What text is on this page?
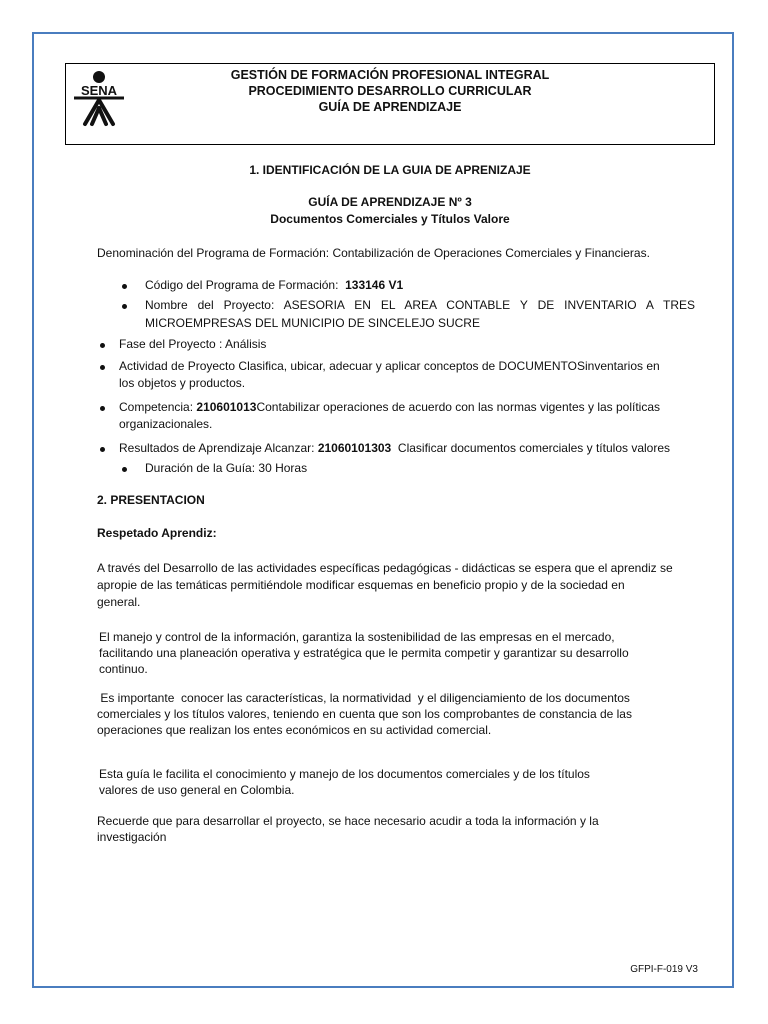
SENA
GESTIÓN DE FORMACIÓN PROFESIONAL INTEGRAL
PROCEDIMIENTO DESARROLLO CURRICULAR
GUÍA DE APRENDIZAJE
1. IDENTIFICACIÓN DE LA GUIA DE APRENIZAJE
GUÍA DE APRENDIZAJE Nº 3
Documentos Comerciales y Títulos Valore
Denominación del Programa de Formación: Contabilización de Operaciones Comerciales y Financieras.
Código del Programa de Formación: 133146 V1
Nombre del Proyecto: ASESORIA EN EL AREA CONTABLE Y DE INVENTARIO A TRES
MICROEMPRESAS DEL MUNICIPIO DE SINCELEJO SUCRE
Fase del Proyecto : Análisis
Actividad de Proyecto Clasifica, ubicar, adecuar y aplicar conceptos de DOCUMENTOSinventarios en
los objetos y productos.
Competencia: 210601013Contabilizar operaciones de acuerdo con las normas vigentes y las políticas
organizacionales.
Resultados de Aprendizaje Alcanzar: 21060101303 Clasificar documentos comerciales y títulos valores
Duración de la Guía: 30 Horas
2. PRESENTACION
Respetado Aprendiz:
A través del Desarrollo de las actividades específicas pedagógicas - didácticas se espera que el aprendiz se
apropie de las temáticas permitiéndole modificar esquemas en beneficio propio y de la sociedad en
general.
El manejo y control de la información, garantiza la sostenibilidad de las empresas en el mercado,
facilitando una planeación operativa y estratégica que le permita competir y garantizar su desarrollo
continuo.
Es importante  conocer las características, la normatividad  y el diligenciamiento de los documentos
comerciales y los títulos valores, teniendo en cuenta que son los comprobantes de constancia de las
operaciones que realizan los entes económicos en su actividad comercial.
Esta guía le facilita el conocimiento y manejo de los documentos comerciales y de los títulos
valores de uso general en Colombia.
Recuerde que para desarrollar el proyecto, se hace necesario acudir a toda la información y la
investigación
GFPI-F-019 V3
